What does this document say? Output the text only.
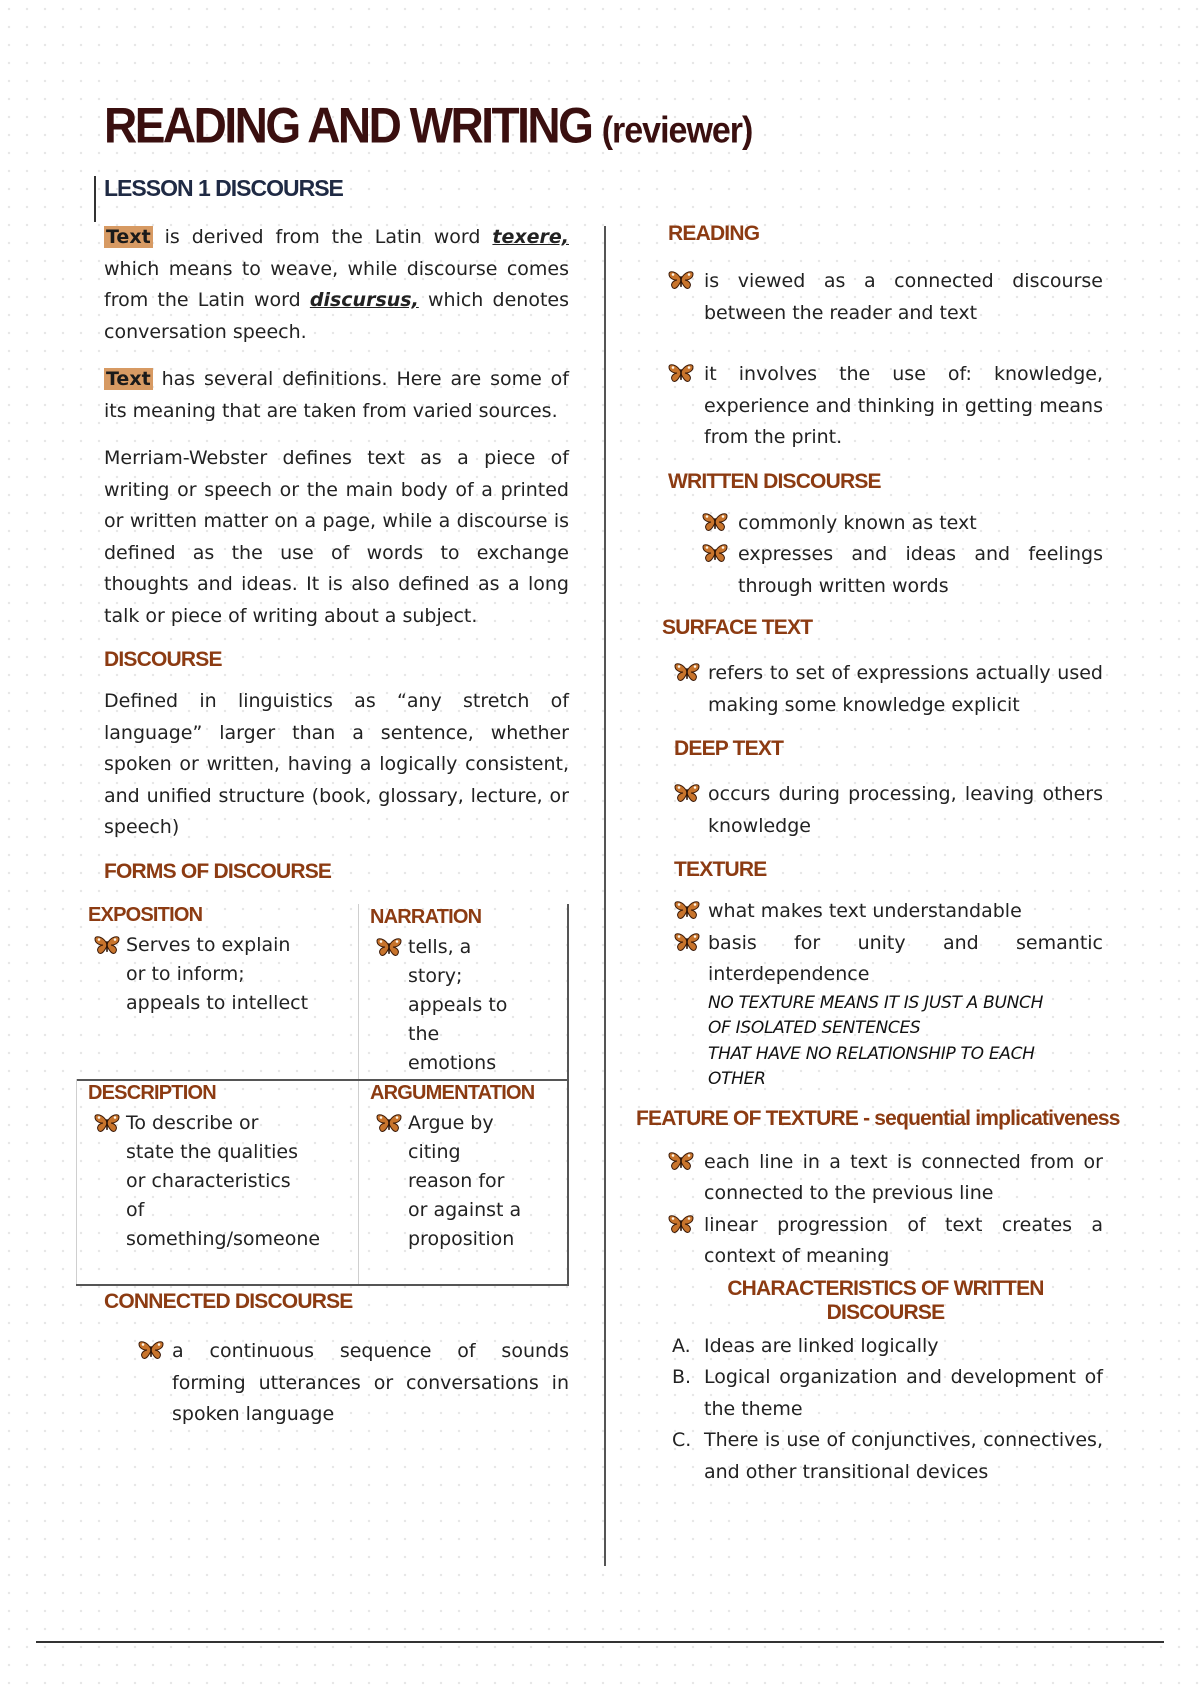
READING AND WRITING (reviewer)
LESSON 1 DISCOURSE

Text is derived from the Latin word texere, which means to weave, while discourse comes from the Latin word discursus, which denotes conversation speech.

Text has several definitions. Here are some of its meaning that are taken from varied sources.

Merriam-Webster defines text as a piece of writing or speech or the main body of a printed or written matter on a page, while a discourse is defined as the use of words to exchange thoughts and ideas. It is also defined as a long talk or piece of writing about a subject.

DISCOURSE

Defined in linguistics as “any stretch of language” larger than a sentence, whether spoken or written, having a logically consistent, and unified structure (book, glossary, lecture, or speech)

FORMS OF DISCOURSE
EXPOSITION
Serves to explain
or to inform;
appeals to intellect
NARRATION
tells, a
story;
appeals to
the
emotions
DESCRIPTION
To describe or
state the qualities
or characteristics
of
something/someone
ARGUMENTATION
Argue by
citing
reason for
or against a
proposition
CONNECTED DISCOURSE

a continuous sequence of sounds forming utterances or conversations in spoken language

READING

is viewed as a connected discourse between the reader and text

it involves the use of: knowledge, experience and thinking in getting means from the print.

WRITTEN DISCOURSE

commonly known as text

expresses and ideas and feelings through written words

SURFACE TEXT

refers to set of expressions actually used making some knowledge explicit

DEEP TEXT

occurs during processing, leaving others knowledge

TEXTURE

what makes text understandable

basis for unity and semantic interdependence

NO TEXTURE MEANS IT IS JUST A BUNCH
OF ISOLATED SENTENCES
THAT HAVE NO RELATIONSHIP TO EACH
OTHER

FEATURE OF TEXTURE - sequential implicativeness

each line in a text is connected from or connected to the previous line

linear progression of text creates a context of meaning

CHARACTERISTICS OF WRITTEN
DISCOURSE
A. Ideas are linked logically
B. Logical organization and development of the theme
C. There is use of conjunctives, connectives, and other transitional devices
